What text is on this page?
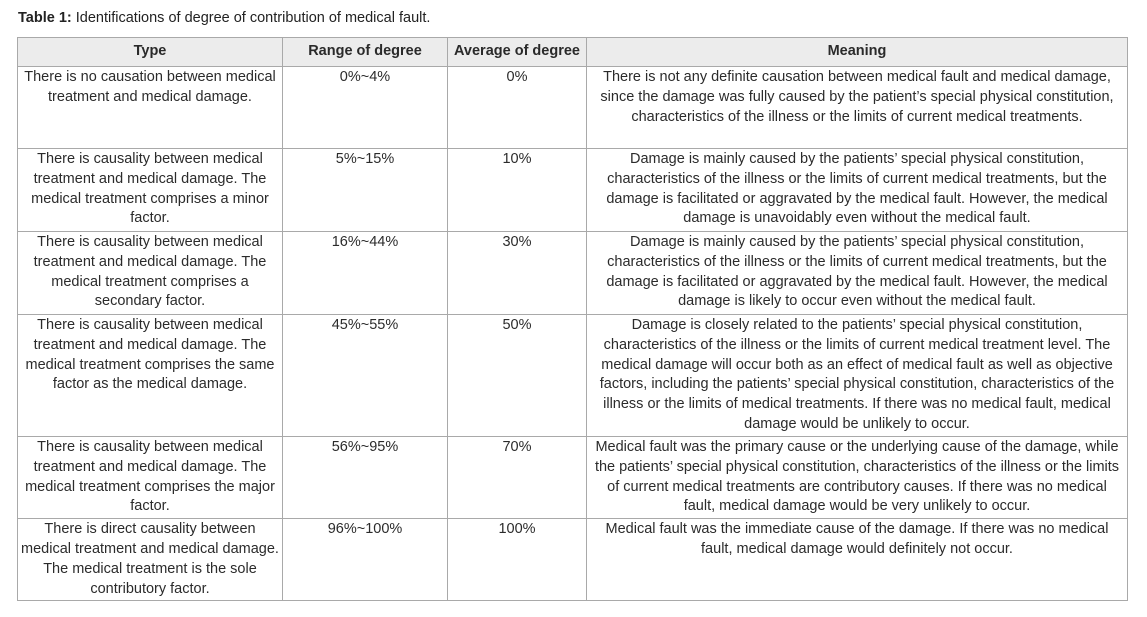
Table 1: Identifications of degree of contribution of medical fault.
Type	Range of degree	Average of degree	Meaning
There is no causation between medical treatment and medical damage.	0%~4%	0%	There is not any definite causation between medical fault and medical damage, since the damage was fully caused by the patient’s special physical constitution, characteristics of the illness or the limits of current medical treatments.
There is causality between medical treatment and medical damage. The medical treatment comprises a minor factor.	5%~15%	10%	Damage is mainly caused by the patients’ special physical constitution, characteristics of the illness or the limits of current medical treatments, but the damage is facilitated or aggravated by the medical fault. However, the medical damage is unavoidably even without the medical fault.
There is causality between medical treatment and medical damage. The medical treatment comprises a secondary factor.	16%~44%	30%	Damage is mainly caused by the patients’ special physical constitution, characteristics of the illness or the limits of current medical treatments, but the damage is facilitated or aggravated by the medical fault. However, the medical damage is likely to occur even without the medical fault.
There is causality between medical treatment and medical damage. The medical treatment comprises the same factor as the medical damage.	45%~55%	50%	Damage is closely related to the patients’ special physical constitution, characteristics of the illness or the limits of current medical treatment level. The medical damage will occur both as an effect of medical fault as well as objective factors, including the patients’ special physical constitution, characteristics of the illness or the limits of medical treatments. If there was no medical fault, medical damage would be unlikely to occur.
There is causality between medical treatment and medical damage. The medical treatment comprises the major factor.	56%~95%	70%	Medical fault was the primary cause or the underlying cause of the damage, while the patients’ special physical constitution, characteristics of the illness or the limits of current medical treatments are contributory causes. If there was no medical fault, medical damage would be very unlikely to occur.
There is direct causality between medical treatment and medical damage. The medical treatment is the sole contributory factor.	96%~100%	100%	Medical fault was the immediate cause of the damage. If there was no medical fault, medical damage would definitely not occur.
